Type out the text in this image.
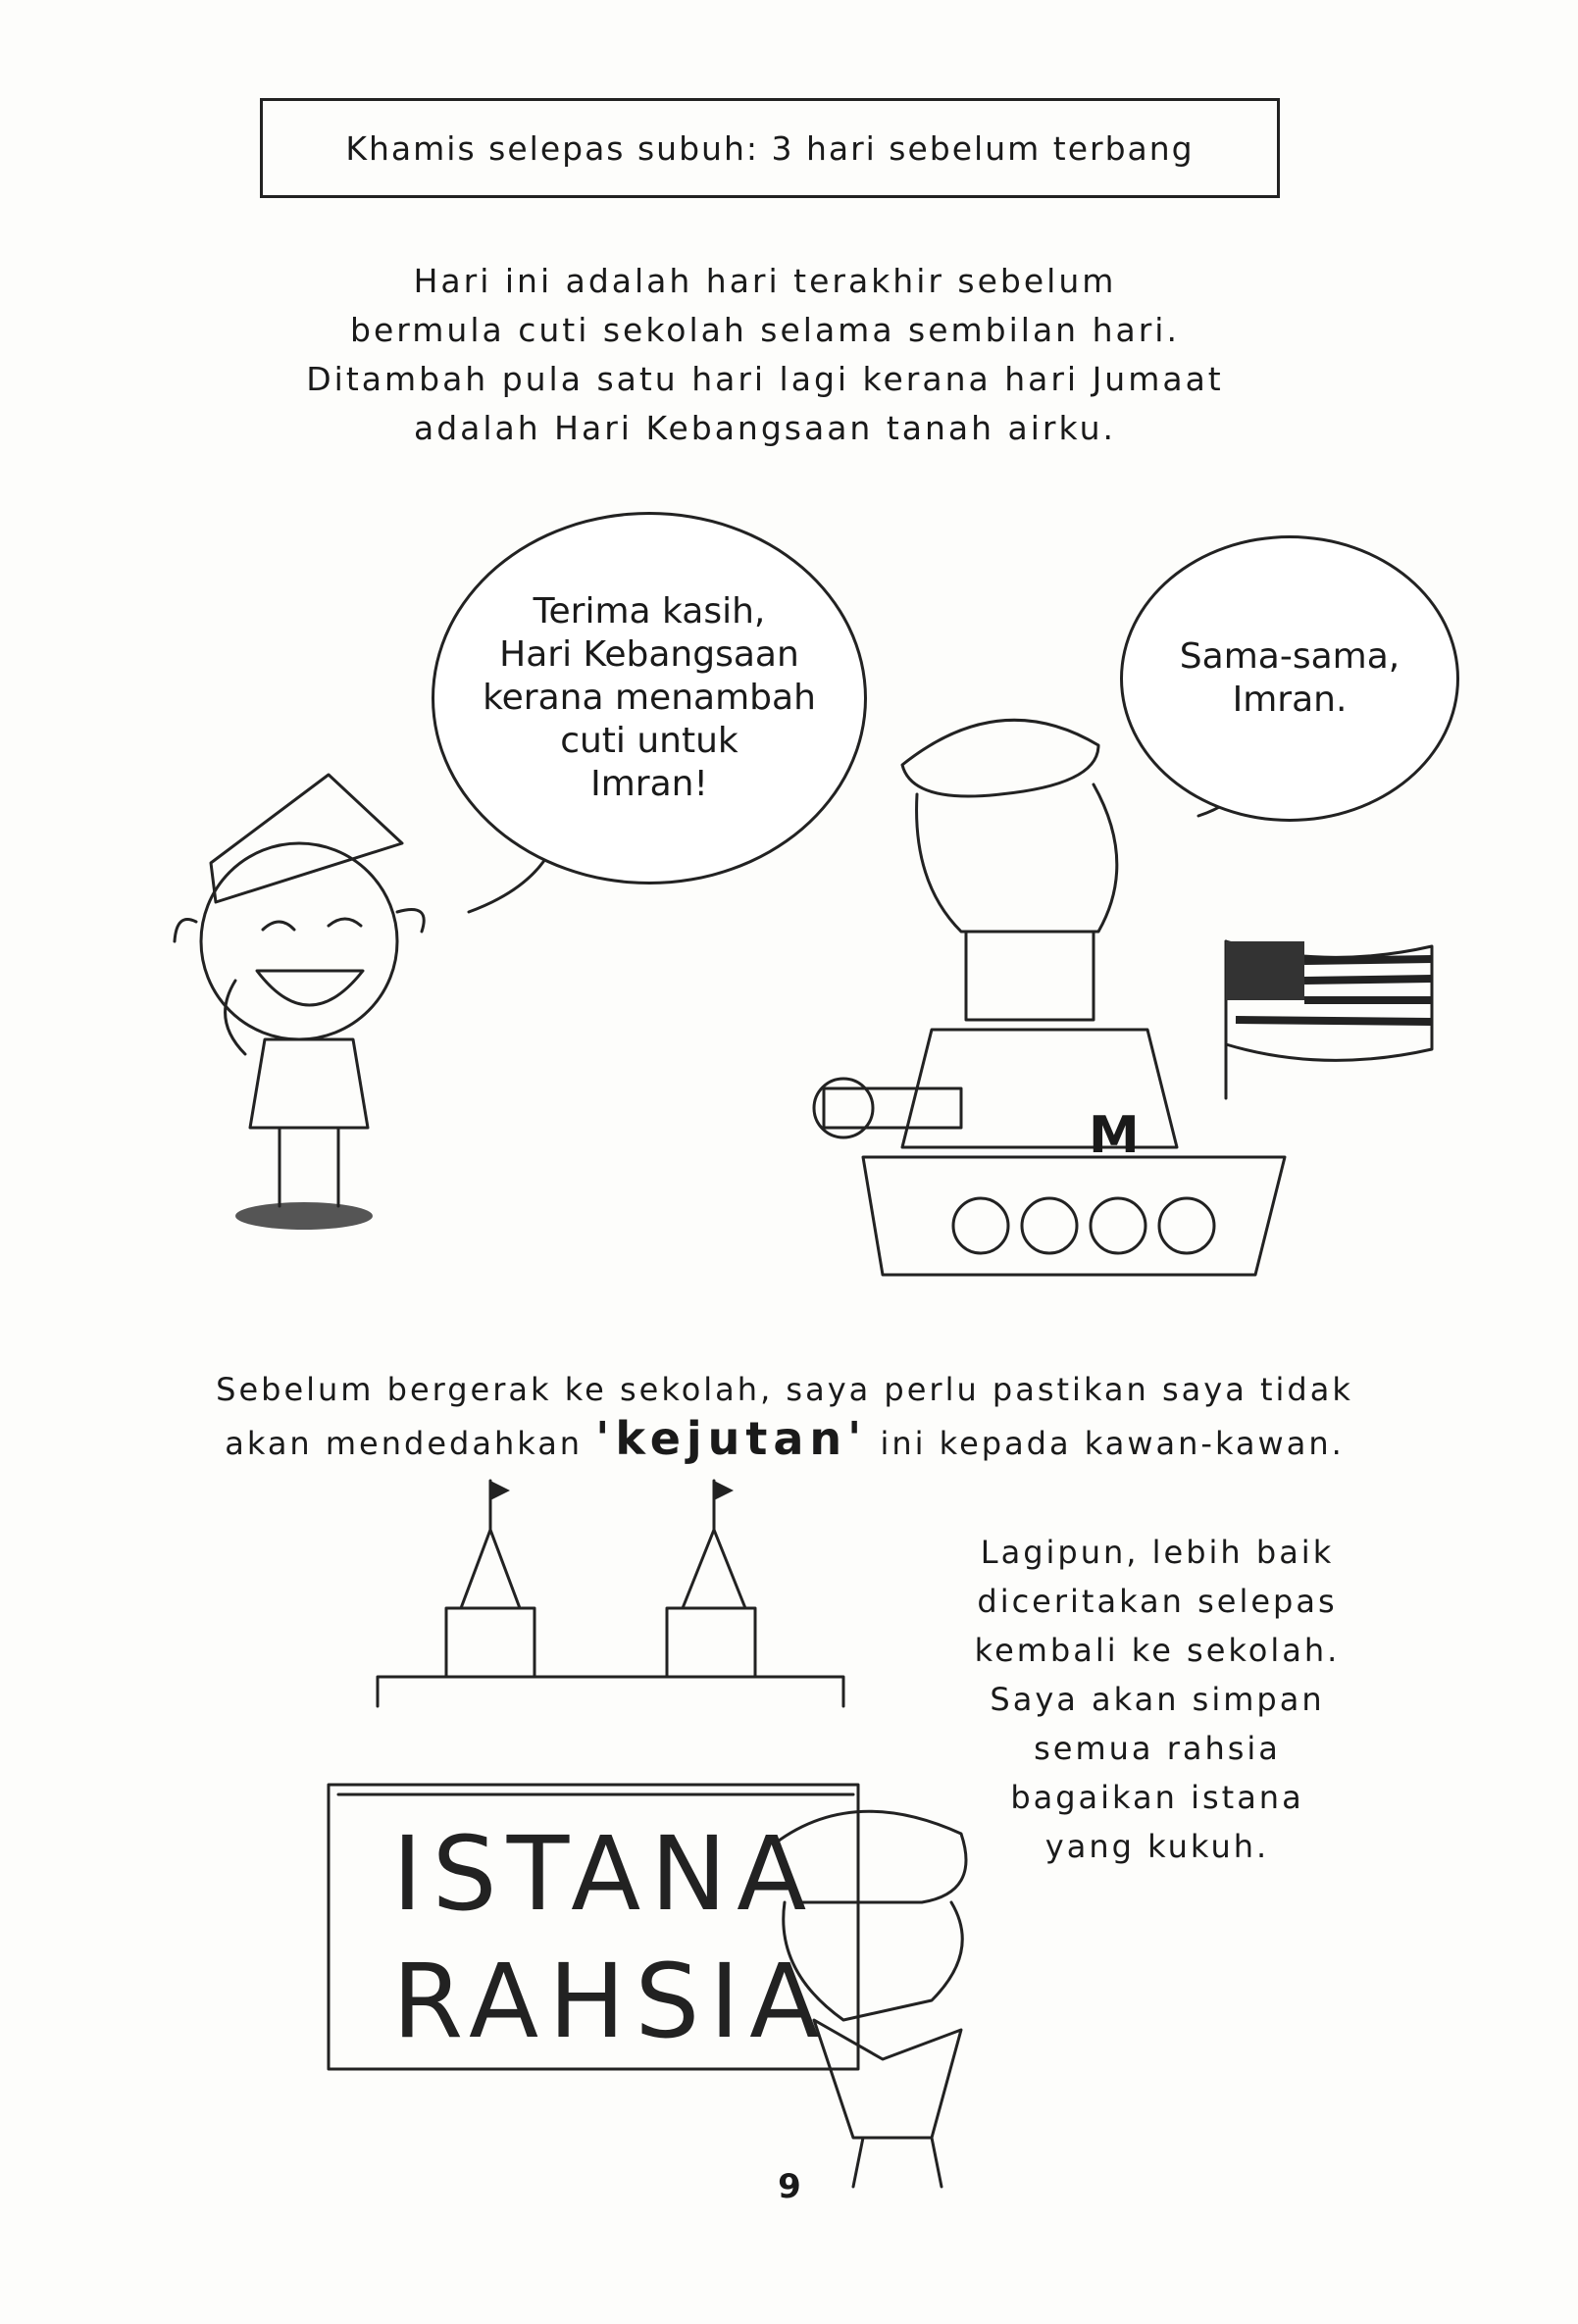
Khamis selepas subuh: 3 hari sebelum terbang
Hari ini adalah hari terakhir sebelum
bermula cuti sekolah selama sembilan hari.
Ditambah pula satu hari lagi kerana hari Jumaat
adalah Hari Kebangsaan tanah airku.
Terima kasih,
Hari Kebangsaan
kerana menambah
cuti untuk
Imran!
Sama-sama,
Imran.
M
Sebelum bergerak ke sekolah, saya perlu pastikan saya tidak
akan mendedahkan 'kejutan' ini kepada kawan-kawan.
Lagipun, lebih baik
diceritakan selepas
kembali ke sekolah.
Saya akan simpan
semua rahsia
bagaikan istana
yang kukuh.
ISTANA
RAHSIA
9
